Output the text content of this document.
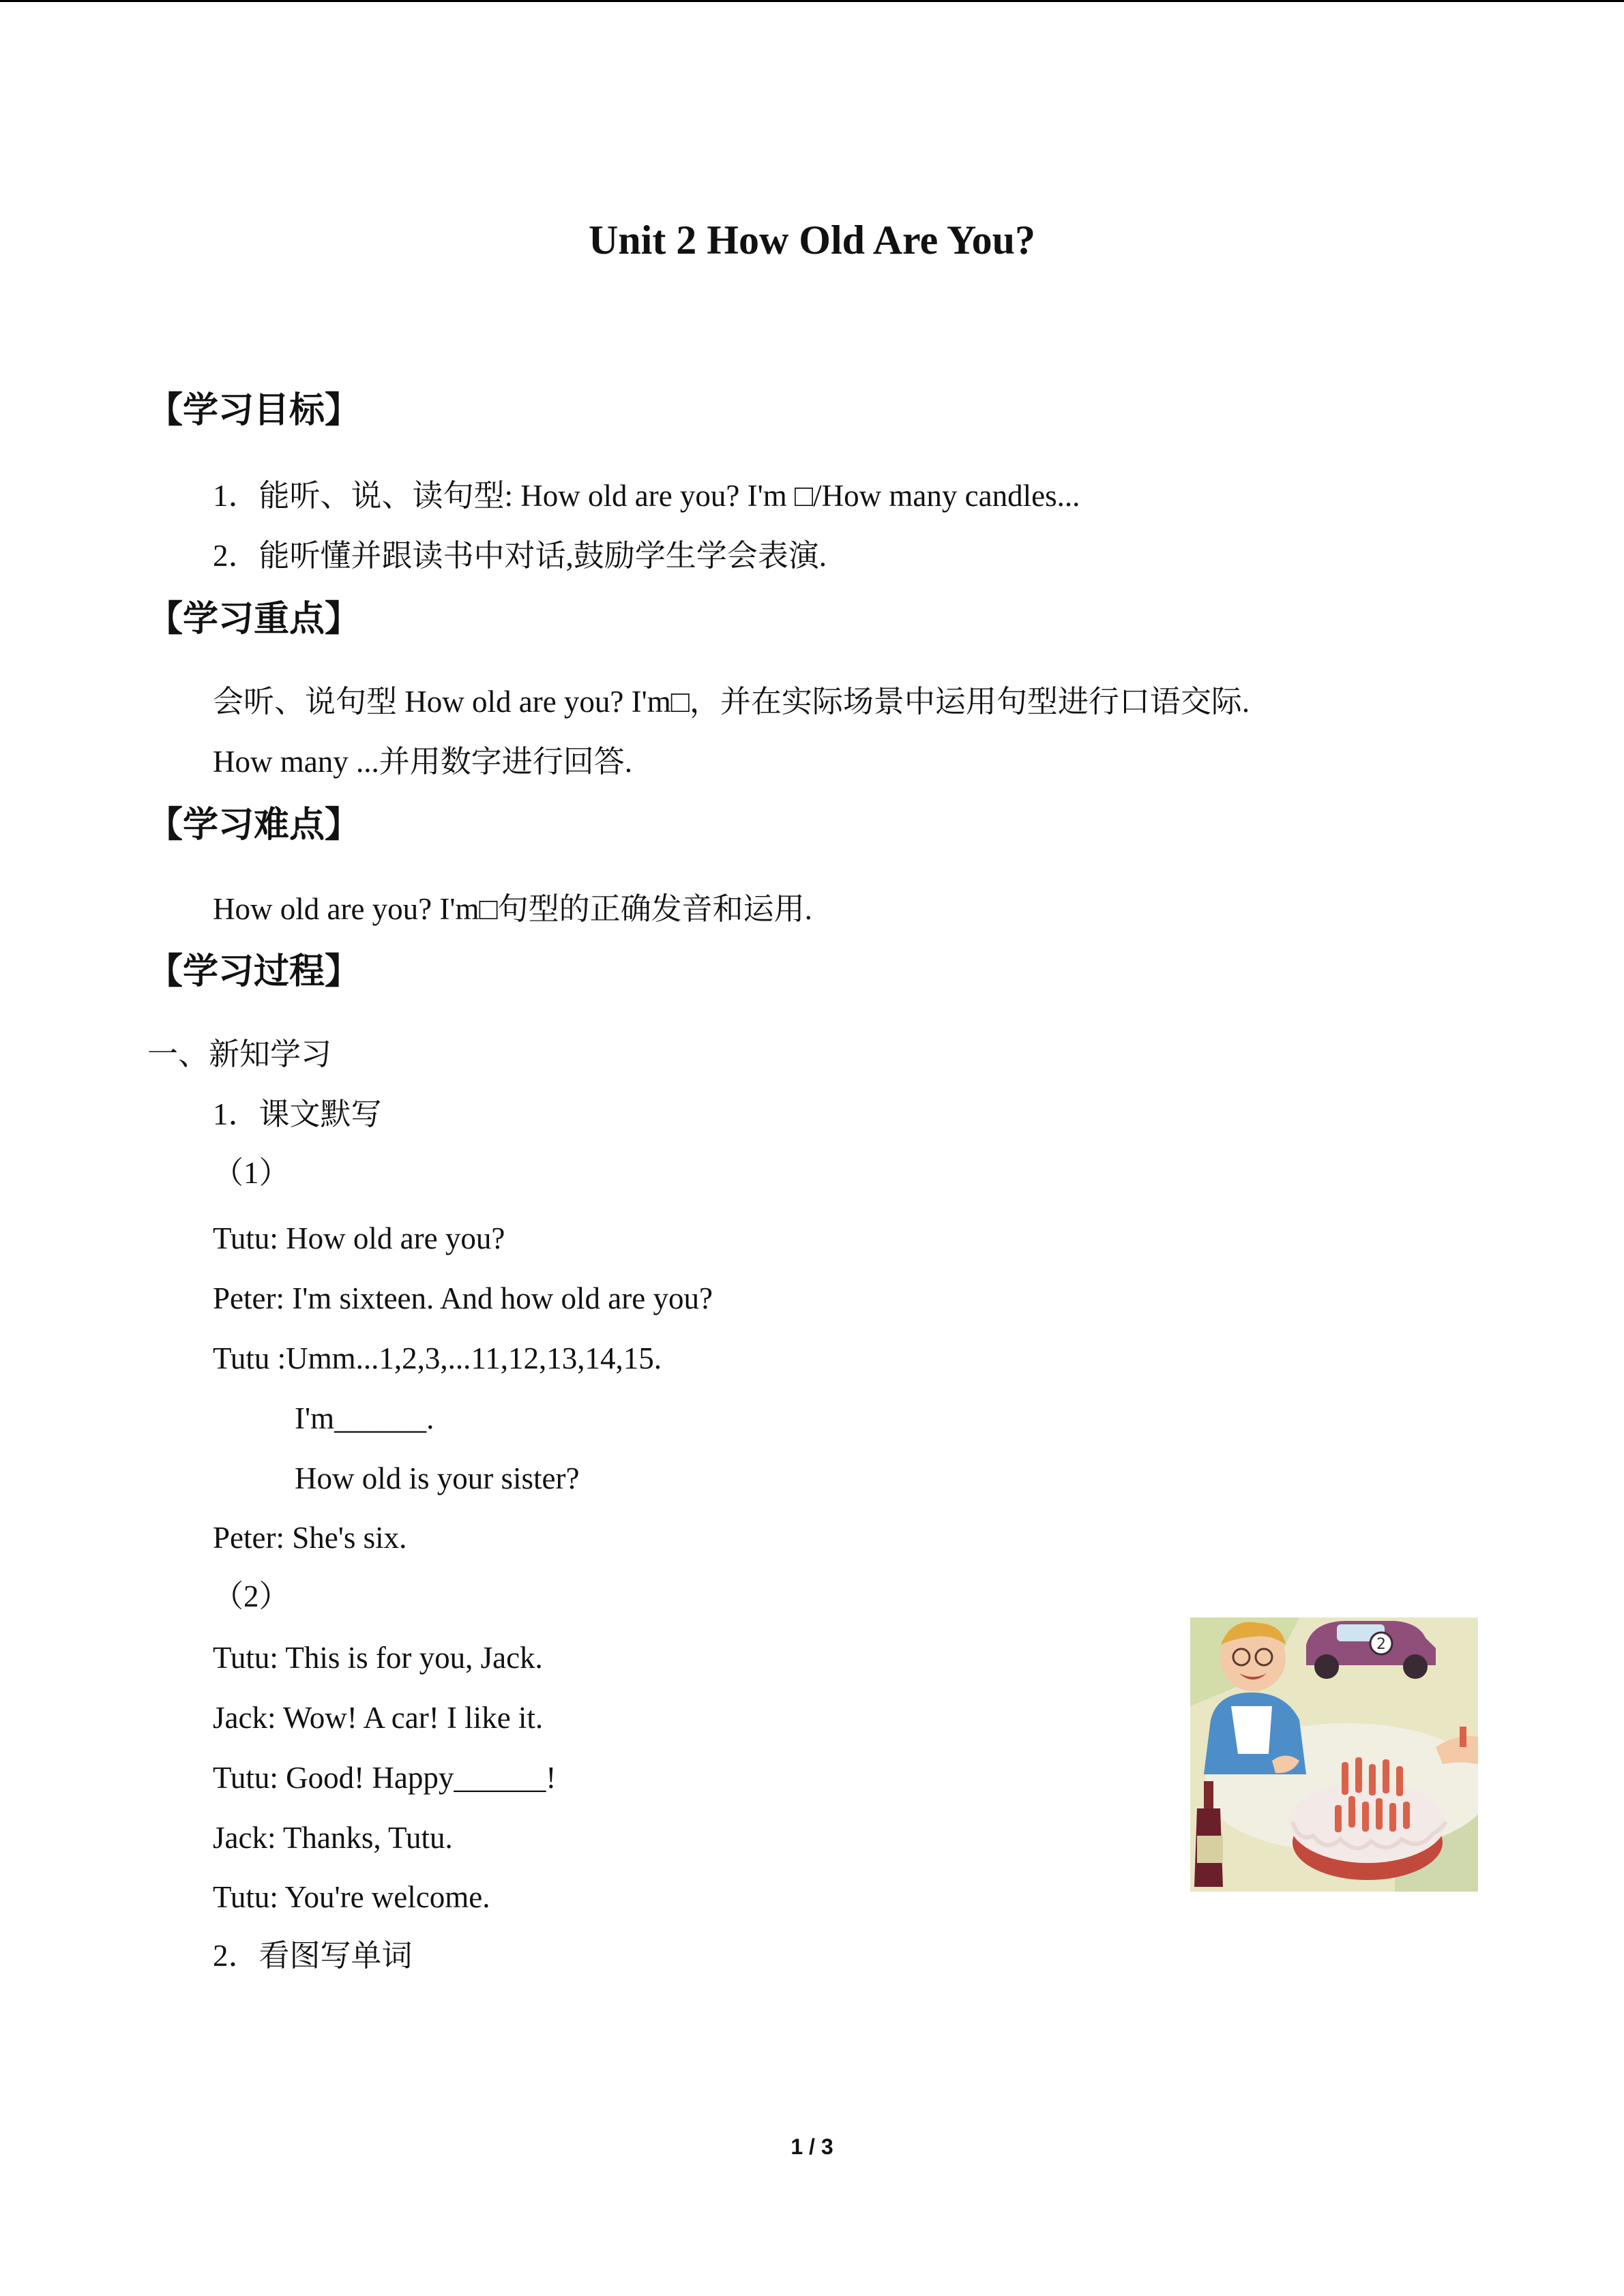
Unit 2 How Old Are You?
【学习目标】
1．能听、说、读句型: How old are you? I'm □/How many candles...
2．能听懂并跟读书中对话,鼓励学生学会表演.
【学习重点】
会听、说句型 How old are you? I'm□，并在实际场景中运用句型进行口语交际.
How many ...并用数字进行回答.
【学习难点】
How old are you? I'm□句型的正确发音和运用.
【学习过程】
一、新知学习
1．课文默写
（1）
Tutu: How old are you?
Peter: I'm sixteen. And how old are you?
Tutu :Umm...1,2,3,...11,12,13,14,15.
I'm______.
How old is your sister?
Peter: She's six.
（2）
Tutu: This is for you, Jack.
Jack: Wow! A car! I like it.
Tutu: Good! Happy______!
Jack: Thanks, Tutu.
Tutu: You're welcome.
2．看图写单词
2
1 / 3
